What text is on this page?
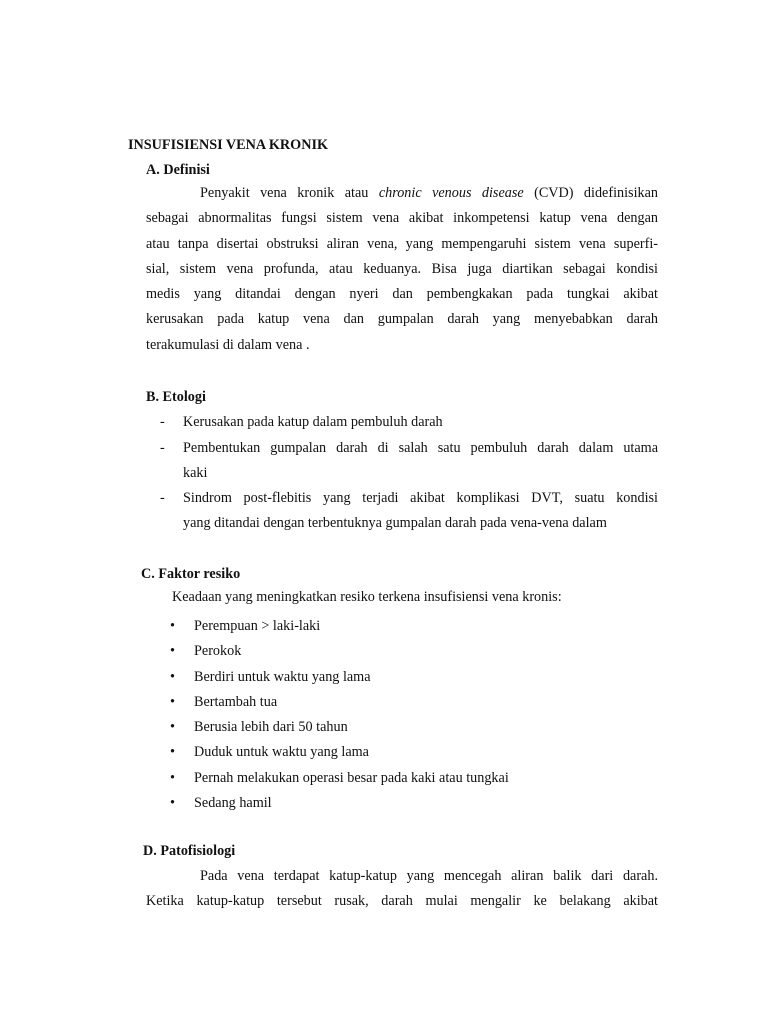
INSUFISIENSI VENA KRONIK
A. Definisi
Penyakit vena kronik atau chronic venous disease (CVD) didefinisikan
sebagai abnormalitas fungsi sistem vena akibat inkompetensi katup vena dengan
atau tanpa disertai obstruksi aliran vena, yang mempengaruhi sistem vena superfi-
sial, sistem vena profunda, atau keduanya. Bisa juga diartikan sebagai kondisi
medis yang ditandai dengan nyeri dan pembengkakan pada tungkai akibat
kerusakan pada katup vena dan gumpalan darah yang menyebabkan darah
terakumulasi di dalam vena .
B. Etologi
- Kerusakan pada katup dalam pembuluh darah
- Pembentukan gumpalan darah di salah satu pembuluh darah dalam utama
kaki
- Sindrom post-flebitis yang terjadi akibat komplikasi DVT, suatu kondisi
yang ditandai dengan terbentuknya gumpalan darah pada vena-vena dalam
C. Faktor resiko
Keadaan yang meningkatkan resiko terkena insufisiensi vena kronis:
• Perempuan > laki-laki
• Perokok
• Berdiri untuk waktu yang lama
• Bertambah tua
• Berusia lebih dari 50 tahun
• Duduk untuk waktu yang lama
• Pernah melakukan operasi besar pada kaki atau tungkai
• Sedang hamil
D. Patofisiologi
Pada vena terdapat katup-katup yang mencegah aliran balik dari darah.
Ketika katup-katup tersebut rusak, darah mulai mengalir ke belakang akibat
